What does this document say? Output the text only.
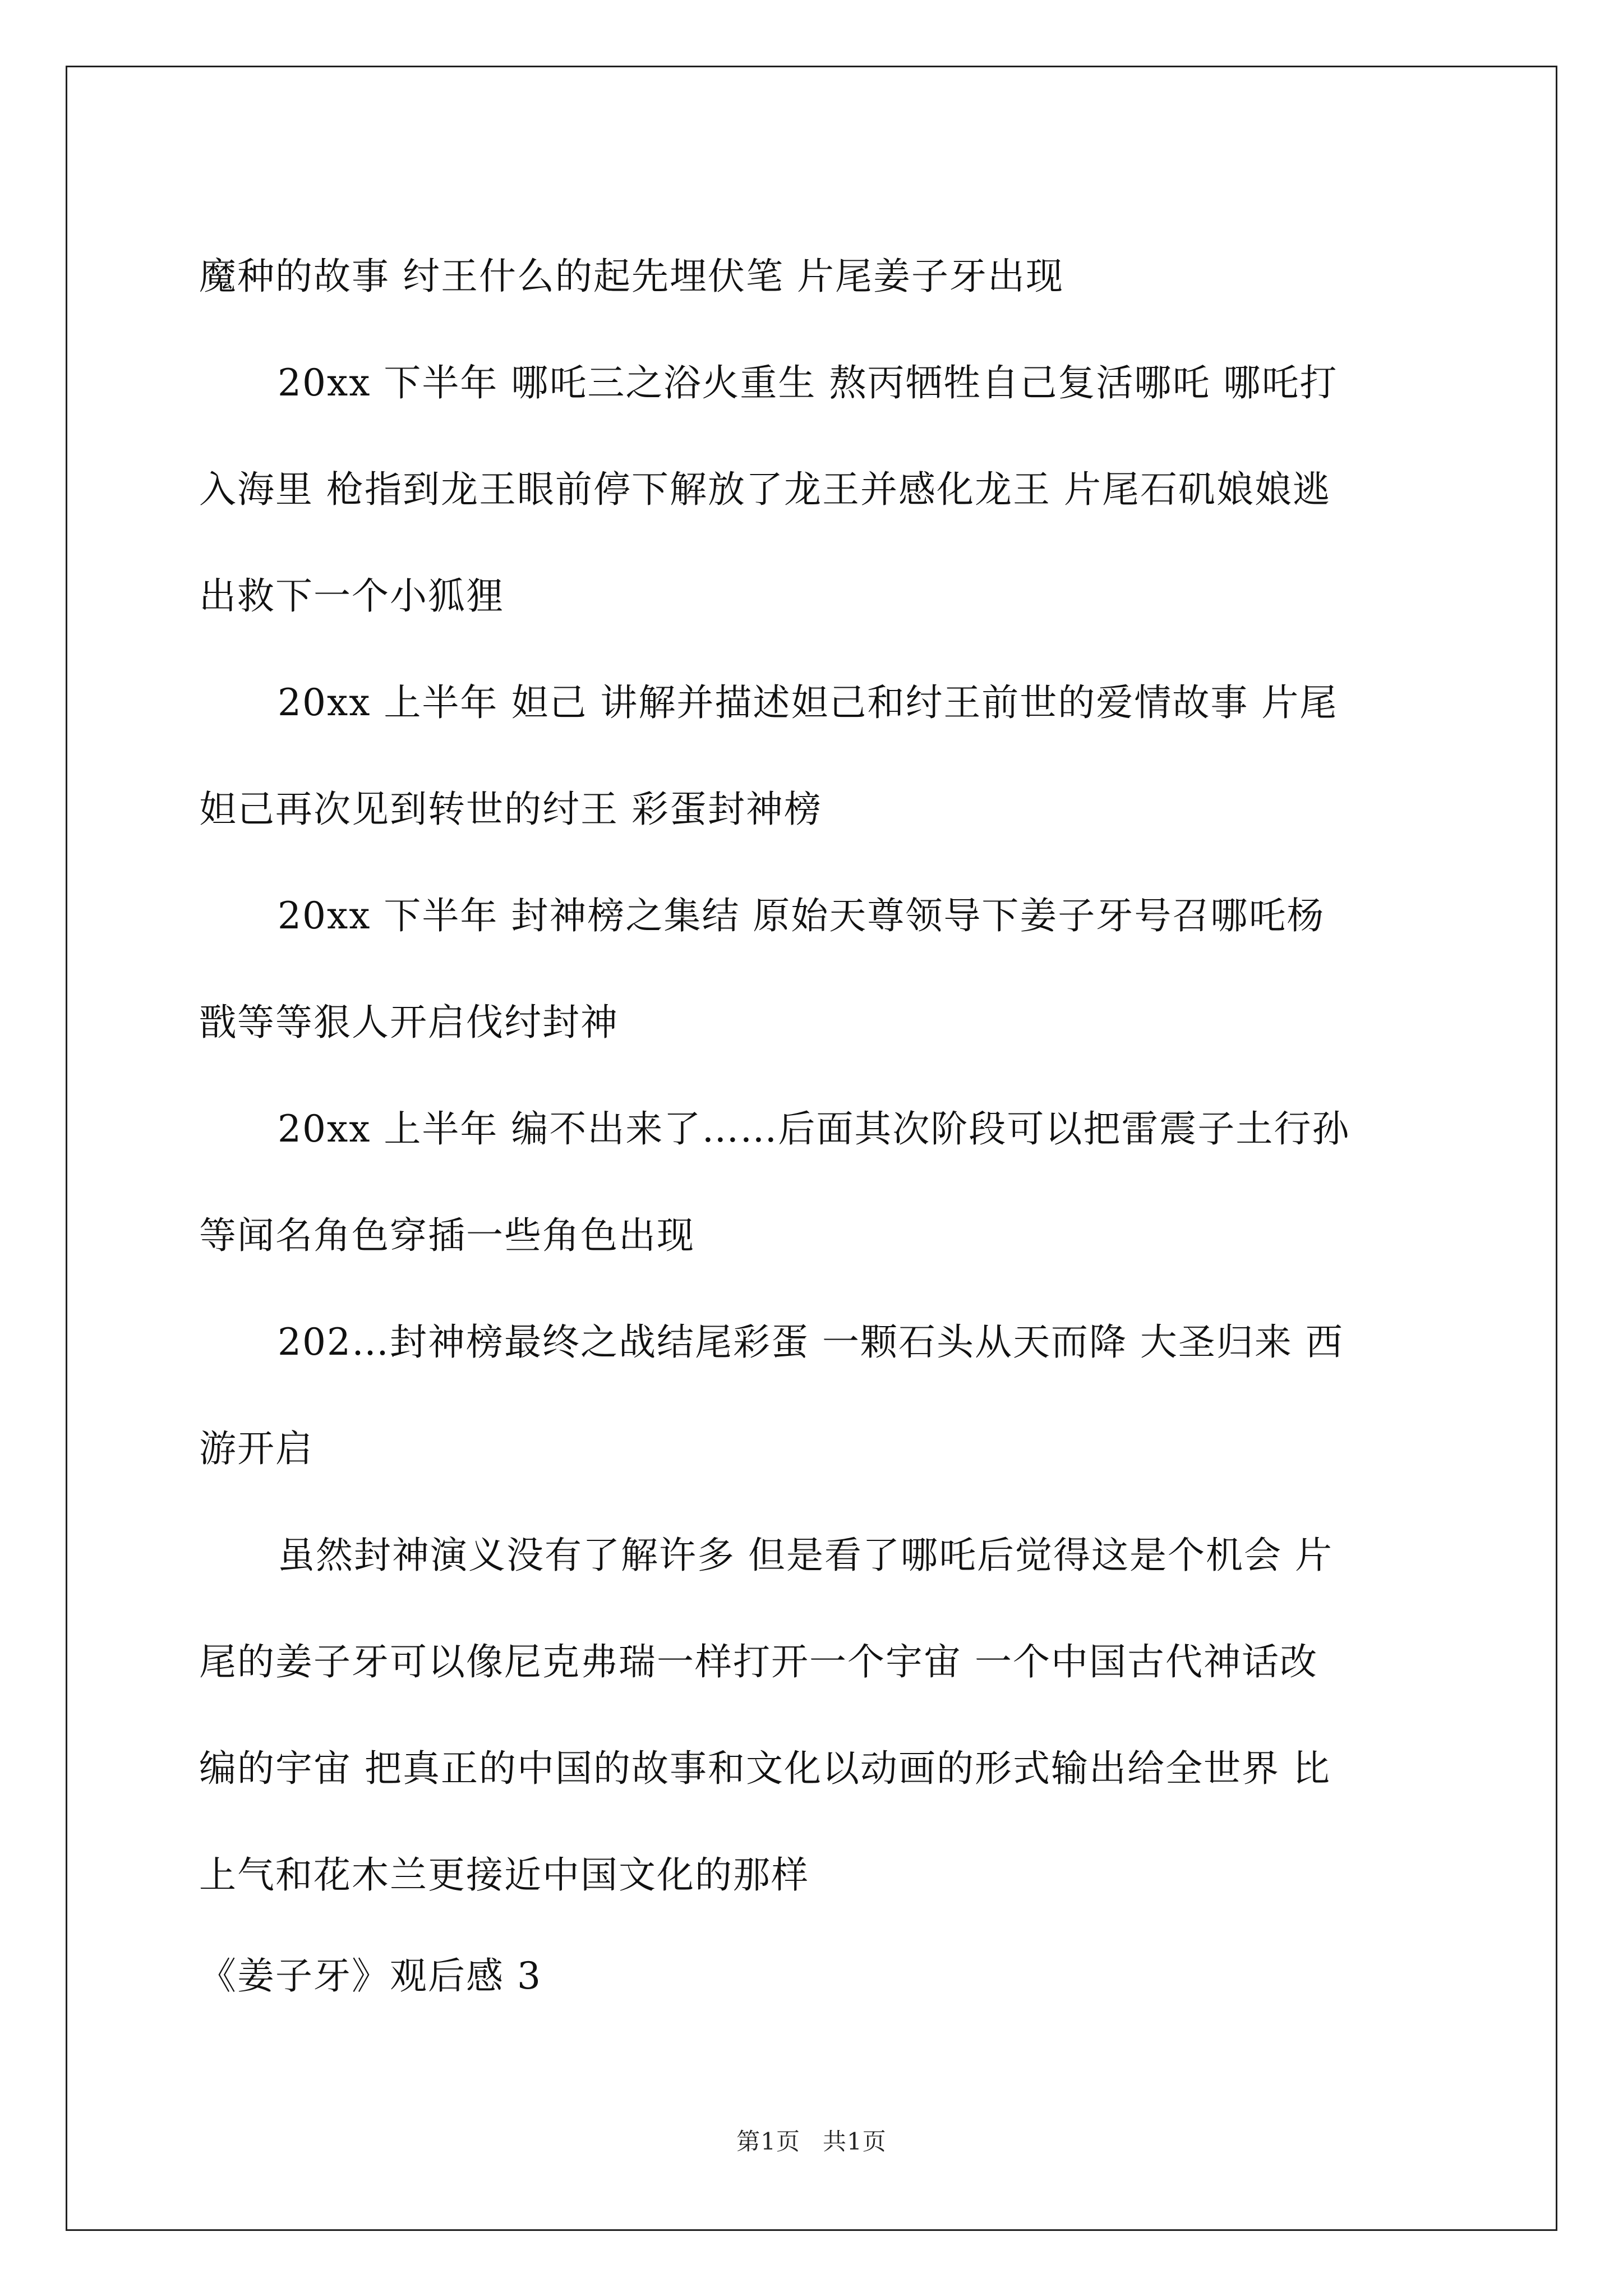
魔种的故事 纣王什么的起先埋伏笔 片尾姜子牙出现
20xx 下半年 哪吒三之浴火重生 熬丙牺牲自己复活哪吒 哪吒打
入海里 枪指到龙王眼前停下解放了龙王并感化龙王 片尾石矶娘娘逃
出救下一个小狐狸
20xx 上半年 妲己 讲解并描述妲己和纣王前世的爱情故事 片尾
妲己再次见到转世的纣王 彩蛋封神榜
20xx 下半年 封神榜之集结 原始天尊领导下姜子牙号召哪吒杨
戬等等狠人开启伐纣封神
20xx 上半年 编不出来了……后面其次阶段可以把雷震子土行孙
等闻名角色穿插一些角色出现
202…封神榜最终之战结尾彩蛋 一颗石头从天而降 大圣归来 西
游开启
虽然封神演义没有了解许多 但是看了哪吒后觉得这是个机会 片
尾的姜子牙可以像尼克弗瑞一样打开一个宇宙 一个中国古代神话改
编的宇宙 把真正的中国的故事和文化以动画的形式输出给全世界 比
上气和花木兰更接近中国文化的那样
《姜子牙》观后感 3
第1页 共1页
